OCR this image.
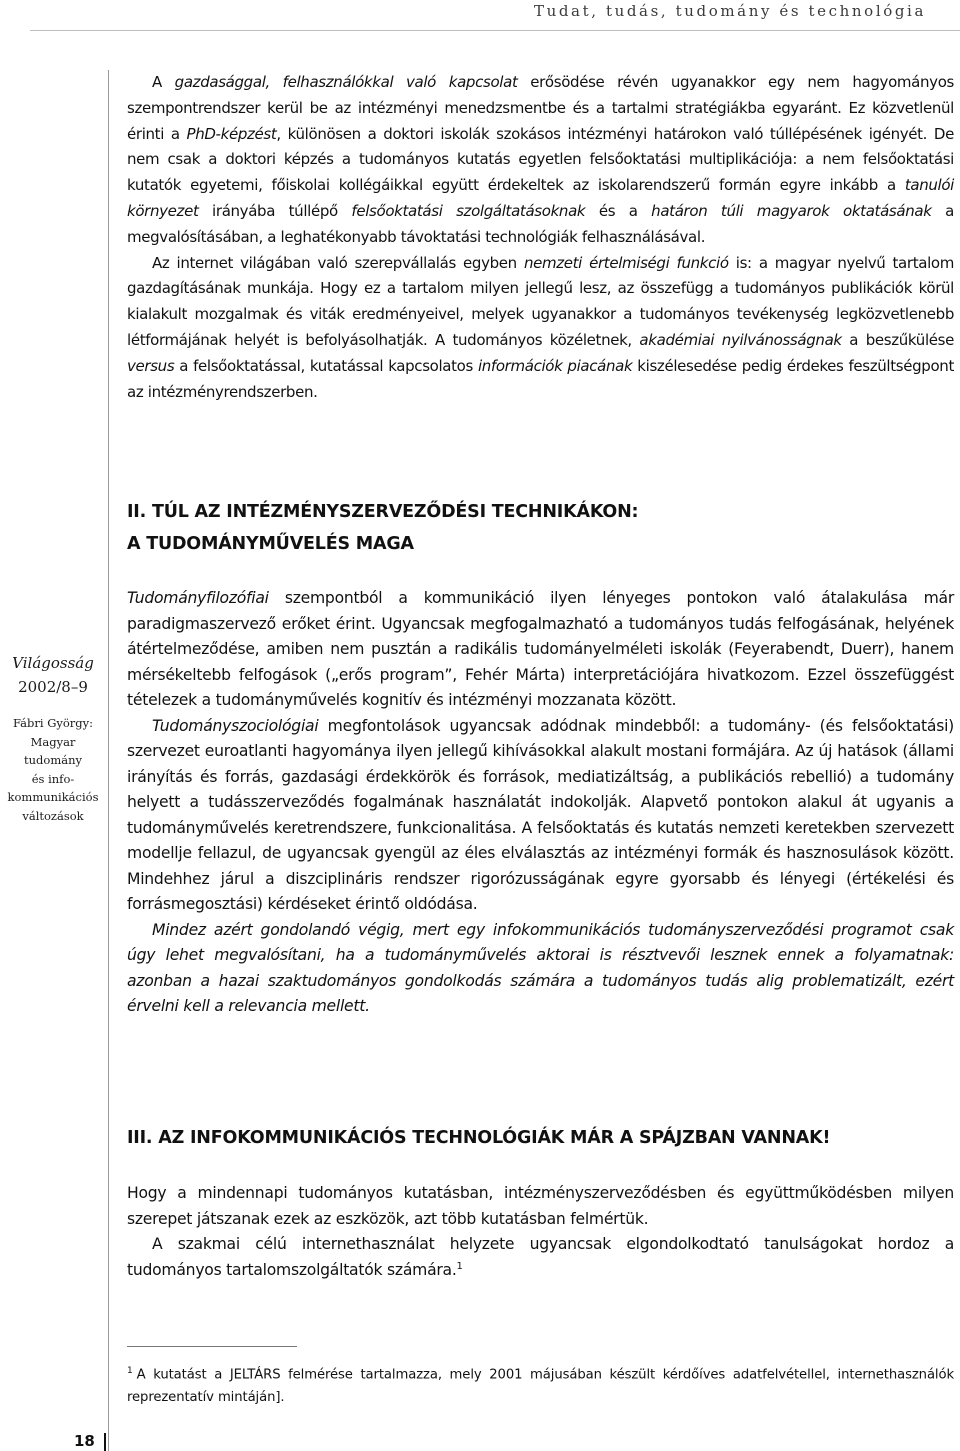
Tudat, tudás, tudomány és technológia

A gazdasággal, felhasználókkal való kapcsolat erősödése révén ugyanakkor egy nem hagyományos szempontrendszer kerül be az intézményi menedzsmentbe és a tartalmi stratégiákba egyaránt. Ez közvetlenül érinti a PhD-képzést, különösen a doktori iskolák szokásos intézményi határokon való túllépésének igényét. De nem csak a doktori képzés a tudományos kutatás egyetlen felsőoktatási multiplikációja: a nem felsőoktatási kutatók egyetemi, főiskolai kollégáikkal együtt érdekeltek az iskolarendszerű formán egyre inkább a tanulói környezet irányába túllépő felsőoktatási szolgáltatásoknak és a határon túli magyarok oktatásának a megvalósításában, a leghatékonyabb távoktatási technológiák felhasználásával.

Az internet világában való szerepvállalás egyben nemzeti értelmiségi funkció is: a magyar nyelvű tartalom gazdagításának munkája. Hogy ez a tartalom milyen jellegű lesz, az összefügg a tudományos publikációk körül kialakult mozgalmak és viták eredményeivel, melyek ugyanakkor a tudományos tevékenység legközvetlenebb létformájának helyét is befolyásolhatják. A tudományos közéletnek, akadémiai nyilvánosságnak a beszűkülése versus a felsőoktatással, kutatással kapcsolatos információk piacának kiszélesedése pedig érdekes feszültségpont az intézményrendszerben.

II. TÚL AZ INTÉZMÉNYSZERVEZŐDÉSI TECHNIKÁKON:
A TUDOMÁNYMŰVELÉS MAGA

Tudományfilozófiai szempontból a kommunikáció ilyen lényeges pontokon való átalakulása már paradigmaszervező erőket érint. Ugyancsak megfogalmazható a tudományos tudás felfogásának, helyének átértelmeződése, amiben nem pusztán a radikális tudományelméleti iskolák (Feyerabendt, Duerr), hanem mérsékeltebb felfogások („erős program”, Fehér Márta) interpretációjára hivatkozom. Ezzel összefüggést tételezek a tudományművelés kognitív és intézményi mozzanata között.

Tudományszociológiai megfontolások ugyancsak adódnak mindebből: a tudomány- (és felsőoktatási) szervezet euroatlanti hagyománya ilyen jellegű kihívásokkal alakult mostani formájára. Az új hatások (állami irányítás és forrás, gazdasági érdekkörök és források, mediatizáltság, a publikációs rebellió) a tudomány helyett a tudásszerveződés fogalmának használatát indokolják. Alapvető pontokon alakul át ugyanis a tudományművelés keretrendszere, funkcionalitása. A felsőoktatás és kutatás nemzeti keretekben szervezett modellje fellazul, de ugyancsak gyengül az éles elválasztás az intézményi formák és hasznosulások között. Mindehhez járul a diszciplináris rendszer rigorózusságának egyre gyorsabb és lényegi (értékelési és forrásmegosztási) kérdéseket érintő oldódása.

Mindez azért gondolandó végig, mert egy infokommunikációs tudományszerveződési programot csak úgy lehet megvalósítani, ha a tudományművelés aktorai is résztvevői lesznek ennek a folyamatnak: azonban a hazai szaktudományos gondolkodás számára a tudományos tudás alig problematizált, ezért érvelni kell a relevancia mellett.

III. AZ INFOKOMMUNIKÁCIÓS TECHNOLÓGIÁK MÁR A SPÁJZBAN VANNAK!

Hogy a mindennapi tudományos kutatásban, intézményszerveződésben és együttműködésben milyen szerepet játszanak ezek az eszközök, azt több kutatásban felmértük.

A szakmai célú internethasználat helyzete ugyancsak elgondolkodtató tanulságokat hordoz a tudományos tartalomszolgáltatók számára.$^1$

$^1$ A kutatást a JELTÁRS felmérése tartalmazza, mely 2001 májusában készült kérdőíves adatfelvétellel, internethasználók reprezentatív mintáján].
Világosság
2002/8–9
Fábri György:
Magyar
tudomány
és info-
kommunikációs
változások
18
